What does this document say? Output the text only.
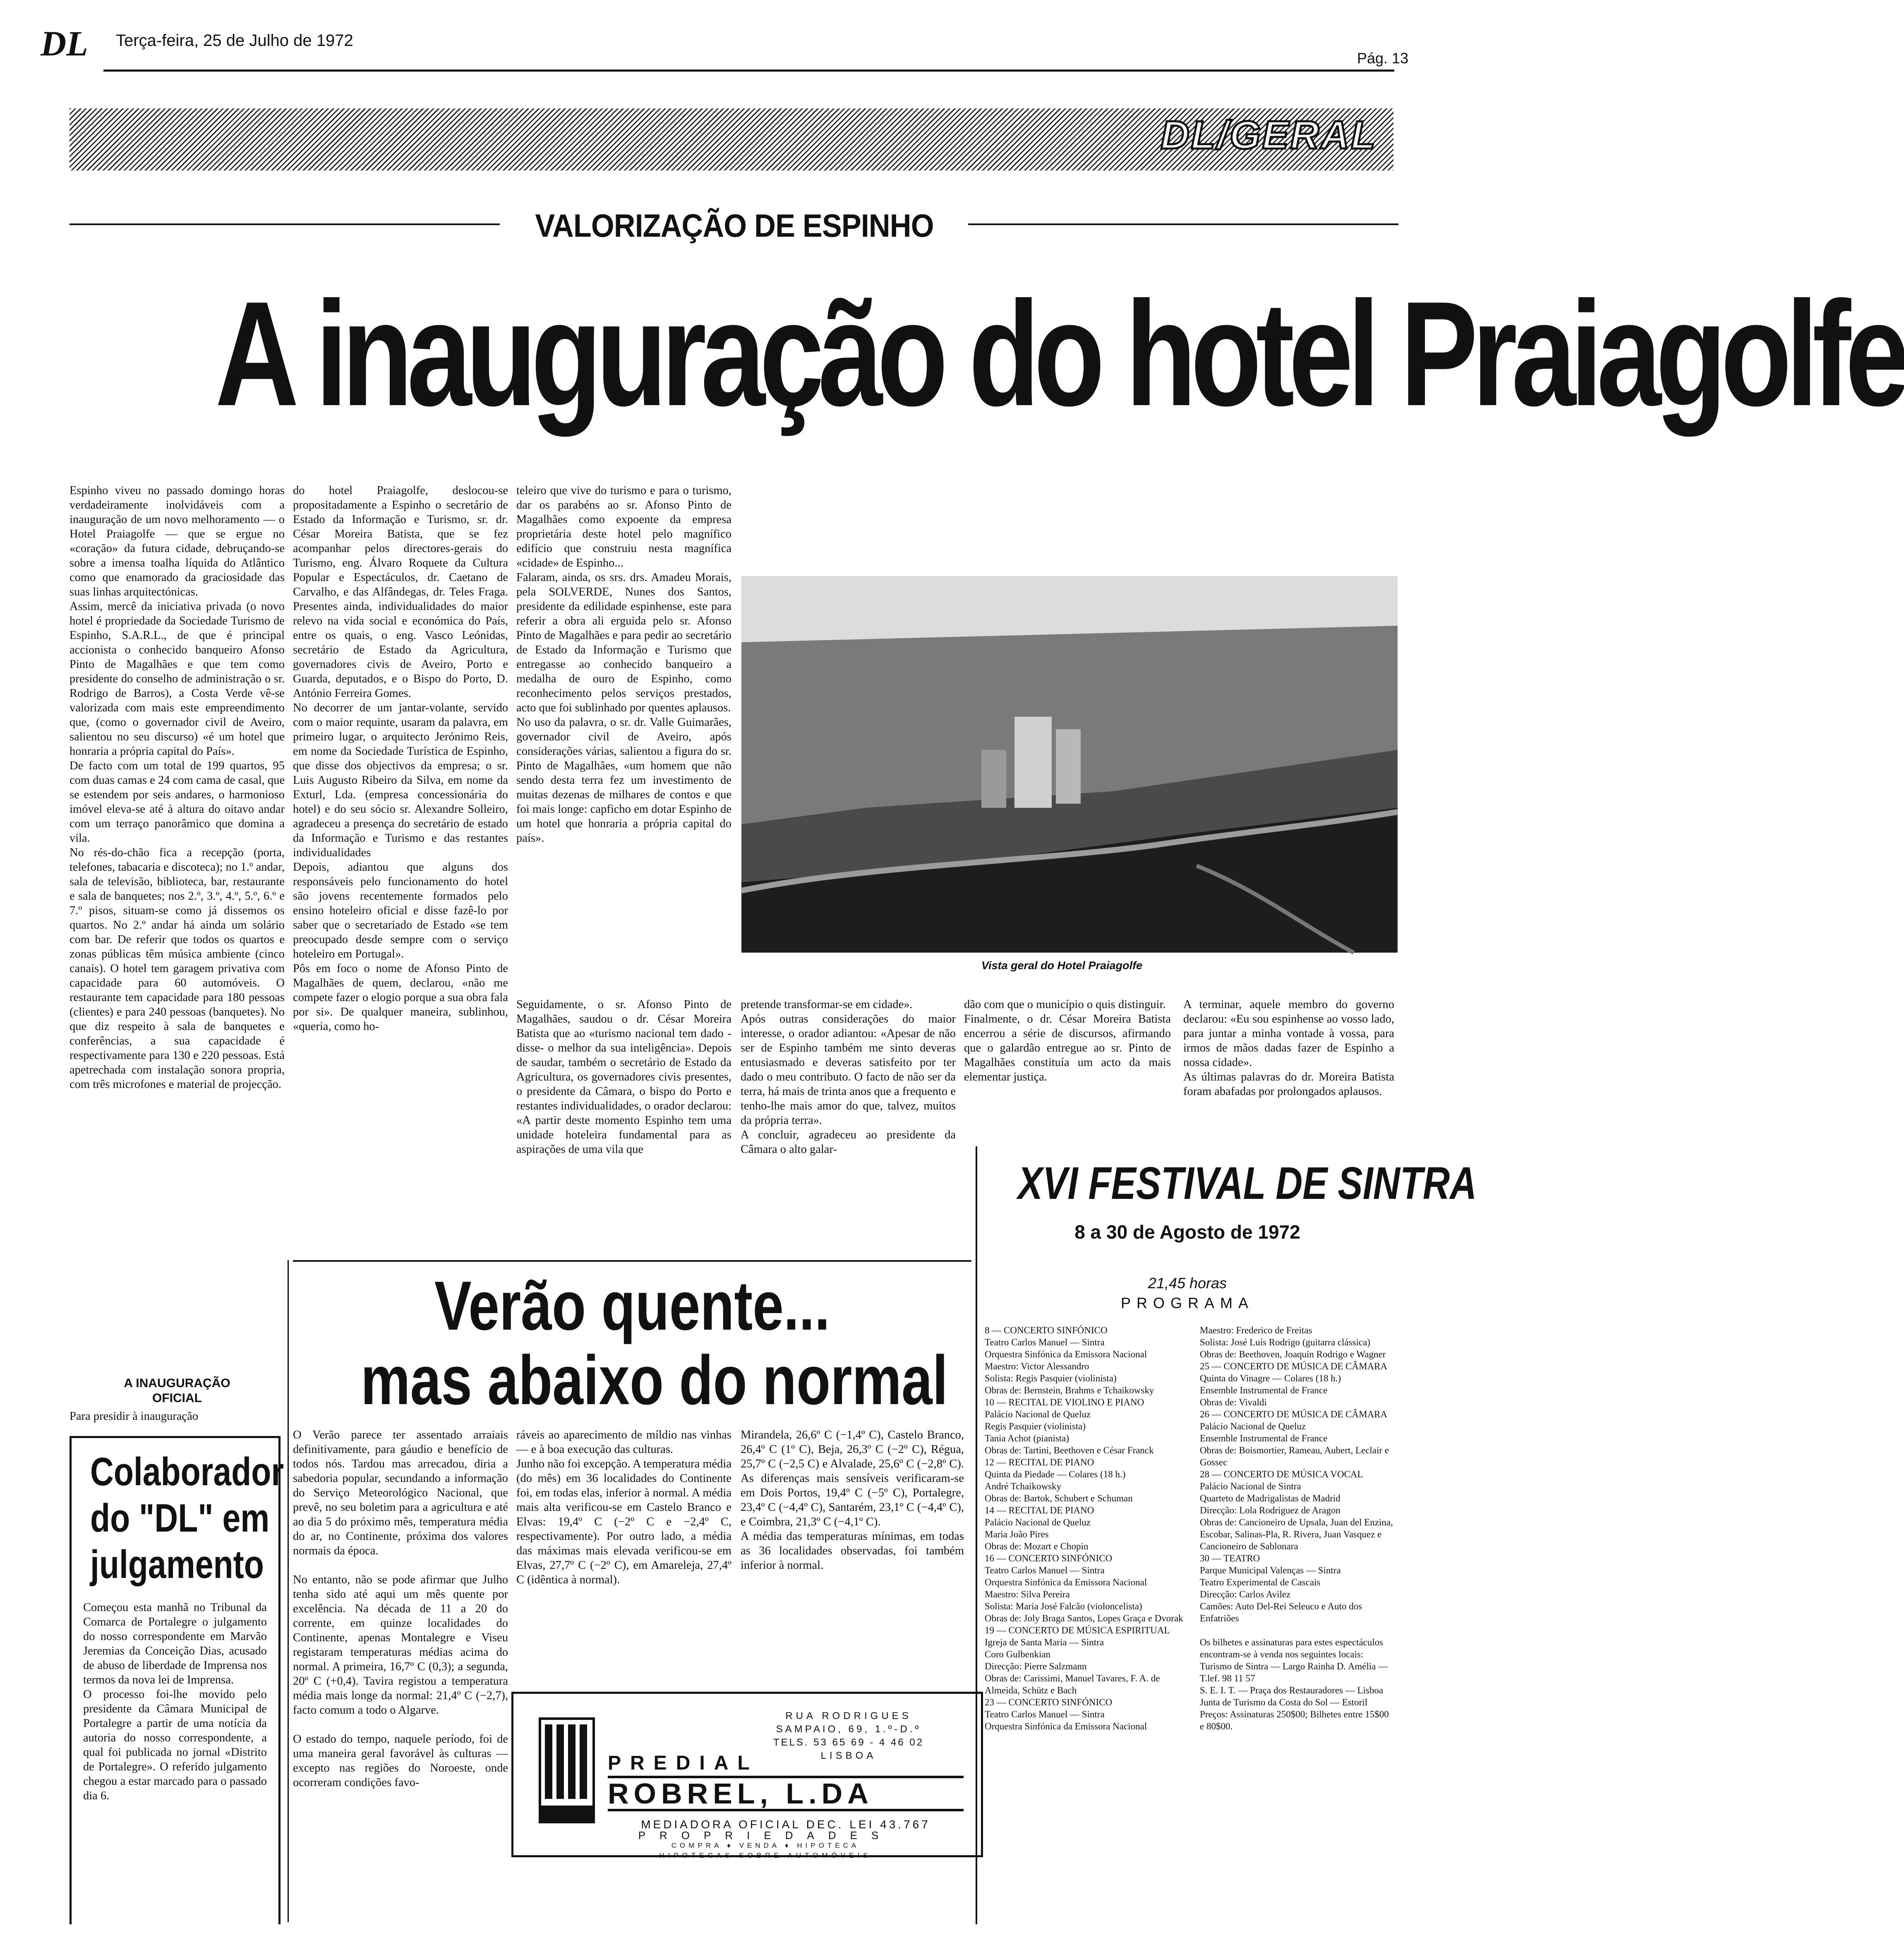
DL Terça-feira, 25 de Julho de 1972
Pág. 13
DL/GERAL
VALORIZAÇÃO DE ESPINHO
A inauguração do hotel Praiagolfe

Espinho viveu no passado domingo horas verdadeiramente inolvidáveis com a inauguração de um novo melhoramento — o Hotel Praiagolfe — que se ergue no «coração» da futura cidade, debruçando-se sobre a imensa toalha líquida do Atlântico como que enamorado da graciosidade das suas linhas arquitectónicas.
Assim, mercê da iniciativa privada (o novo hotel é propriedade da Sociedade Turismo de Espinho, S.A.R.L., de que é principal accionista o conhecido banqueiro Afonso Pinto de Magalhães e que tem como presidente do conselho de administração o sr. Rodrigo de Barros), a Costa Verde vê-se valorizada com mais este empreendimento que, (como o governador civil de Aveiro, salientou no seu discurso) «é um hotel que honraria a própria capital do País».
De facto com um total de 199 quartos, 95 com duas camas e 24 com cama de casal, que se estendem por seis andares, o harmonioso imóvel eleva-se até à altura do oitavo andar com um terraço panorâmico que domina a vila.
No rés-do-chão fica a recepção (porta, telefones, tabacaria e discoteca); no 1.º andar, sala de televisão, biblioteca, bar, restaurante e sala de banquetes; nos 2.º, 3.º, 4.º, 5.º, 6.º e 7.º pisos, situam-se como já dissemos os quartos. No 2.º andar há ainda um solário com bar. De referir que todos os quartos e zonas públicas têm música ambiente (cinco canais). O hotel tem garagem privativa com capacidade para 60 automóveis. O restaurante tem capacidade para 180 pessoas (clientes) e para 240 pessoas (banquetes). No que diz respeito à sala de banquetes e conferências, a sua capacidade é respectivamente para 130 e 220 pessoas. Está apetrechada com instalação sonora propria, com três microfones e material de projecção.

A INAUGURAÇÃO
OFICIAL

Para presidir à inauguração

do hotel Praiagolfe, deslocou-se propositadamente a Espinho o secretário de Estado da Informação e Turismo, sr. dr. César Moreira Batista, que se fez acompanhar pelos directores-gerais do Turismo, eng. Álvaro Roquete da Cultura Popular e Espectáculos, dr. Caetano de Carvalho, e das Alfândegas, dr. Teles Fraga. Presentes ainda, individualidades do maior relevo na vida social e económica do País, entre os quais, o eng. Vasco Leónidas, secretário de Estado da Agricultura, governadores civis de Aveiro, Porto e Guarda, deputados, e o Bispo do Porto, D. António Ferreira Gomes.
No decorrer de um jantar-volante, servido com o maior requinte, usaram da palavra, em primeiro lugar, o arquitecto Jerónimo Reis, em nome da Sociedade Turística de Espinho, que disse dos objectivos da empresa; o sr. Luis Augusto Ribeiro da Silva, em nome da Exturl, Lda. (empresa concessionária do hotel) e do seu sócio sr. Alexandre Solleiro, agradeceu a presença do secretário de estado da Informação e Turismo e das restantes individualidades
Depois, adiantou que alguns dos responsáveis pelo funcionamento do hotel são jovens recentemente formados pelo ensino hoteleiro oficial e disse fazê-lo por saber que o secretariado de Estado «se tem preocupado desde sempre com o serviço hoteleiro em Portugal».
Pôs em foco o nome de Afonso Pinto de Magalhães de quem, declarou, «não me compete fazer o elogio porque a sua obra fala por si». De qualquer maneira, sublinhou, «queria, como ho-

teleiro que vive do turismo e para o turismo, dar os parabéns ao sr. Afonso Pinto de Magalhães como expoente da empresa proprietária deste hotel pelo magnífico edifício que construiu nesta magnífica «cidade» de Espinho...
Falaram, ainda, os srs. drs. Amadeu Morais, pela SOLVERDE, Nunes dos Santos, presidente da edilidade espinhense, este para referir a obra ali erguida pelo sr. Afonso Pinto de Magalhães e para pedir ao secretário de Estado da Informação e Turismo que entregasse ao conhecido banqueiro a medalha de ouro de Espinho, como reconhecimento pelos serviços prestados, acto que foi sublinhado por quentes aplausos.
No uso da palavra, o sr. dr. Valle Guimarães, governador civil de Aveiro, após considerações várias, salientou a figura do sr. Pinto de Magalhães, «um homem que não sendo desta terra fez um investimento de muitas dezenas de milhares de contos e que foi mais longe: capficho em dotar Espinho de um hotel que honraria a própria capital do país».

Vista geral do Hotel Praiagolfe

Seguidamente, o sr. Afonso Pinto de Magalhães, saudou o dr. César Moreira Batista que ao «turismo nacional tem dado -disse- o melhor da sua inteligência». Depois de saudar, também o secretário de Estado da Agricultura, os governadores civis presentes, o presidente da Câmara, o bispo do Porto e restantes individualidades, o orador declarou: «A partir deste momento Espinho tem uma unidade hoteleira fundamental para as aspirações de uma vila que

pretende transformar-se em cidade».
Após outras considerações do maior interesse, o orador adiantou: «Apesar de não ser de Espinho também me sinto deveras entusiasmado e deveras satisfeito por ter dado o meu contributo. O facto de não ser da terra, há mais de trinta anos que a frequento e tenho-lhe mais amor do que, talvez, muitos da própria terra».
A concluir, agradeceu ao presidente da Câmara o alto galar-

dão com que o município o quis distinguir.
Finalmente, o dr. César Moreira Batista encerrou a série de discursos, afirmando que o galardão entregue ao sr. Pinto de Magalhães constituía um acto da mais elementar justiça.

A terminar, aquele membro do governo declarou: «Eu sou espinhense ao vosso lado, para juntar a minha vontade à vossa, para irmos de mãos dadas fazer de Espinho a nossa cidade».
As últimas palavras do dr. Moreira Batista foram abafadas por prolongados aplausos.

Colaborador
do "DL" em
julgamento

Começou esta manhã no Tribunal da Comarca de Portalegre o julgamento do nosso correspondente em Marvão Jeremias da Conceição Dias, acusado de abuso de liberdade de Imprensa nos termos da nova lei de Imprensa.
O processo foi-lhe movido pelo presidente da Câmara Municipal de Portalegre a partir de uma notícia da autoria do nosso correspondente, a qual foi publicada no jornal «Distrito de Portalegre». O referido julgamento chegou a estar marcado para o passado dia 6.

Verão quente...
mas abaixo do normal

O Verão parece ter assentado arraiais definitivamente, para gáudio e benefício de todos nós. Tardou mas arrecadou, diria a sabedoria popular, secundando a informação do Serviço Meteorológico Nacional, que prevê, no seu boletim para a agricultura e até ao dia 5 do próximo mês, temperatura média do ar, no Continente, próxima dos valores normais da época.

No entanto, não se pode afirmar que Julho tenha sido até aqui um mês quente por excelência. Na década de 11 a 20 do corrente, em quinze localidades do Continente, apenas Montalegre e Viseu registaram temperaturas médias acima do normal. A primeira, 16,7º C (0,3); a segunda, 20º C (+0,4). Tavira registou a temperatura média mais longe da normal: 21,4º C (−2,7), facto comum a todo o Algarve.

O estado do tempo, naquele período, foi de uma maneira geral favorável às culturas — excepto nas regiões do Noroeste, onde ocorreram condições favo-

ráveis ao aparecimento de míldio nas vinhas — e à boa execução das culturas.
Junho não foi excepção. A temperatura média (do mês) em 36 localidades do Continente foi, em todas elas, inferior à normal. A média mais alta verificou-se em Castelo Branco e Elvas: 19,4º C (−2º C e −2,4º C, respectivamente). Por outro lado, a média das máximas mais elevada verificou-se em Elvas, 27,7º C (−2º C), em Amareleja, 27,4º C (idêntica à normal).

Mirandela, 26,6º C (−1,4º C), Castelo Branco, 26,4º C (1º C), Beja, 26,3º C (−2º C), Régua, 25,7º C (−2,5 C) e Alvalade, 25,6º C (−2,8º C). As diferenças mais sensíveis verificaram-se em Dois Portos, 19,4º C (−5º C), Portalegre, 23,4º C (−4,4º C), Santarém, 23,1º C (−4,4º C), e Coimbra, 21,3º C (−4,1º C).
A média das temperaturas mínimas, em todas as 36 localidades observadas, foi também inferior à normal.

RUA RODRIGUES
SAMPAIO, 69, 1.º-D.º
TELS. 53 65 69 - 4 46 02
LISBOA
PREDIAL
ROBREL, L.DA
MEDIADORA OFICIAL DEC. LEI 43.767
PROPRIEDADES
COMPRA ♦ VENDA ♦ HIPOTECA
HIPOTECAS SOBRE AUTOMÓVEIS
XVI FESTIVAL DE SINTRA
8 a 30 de Agosto de 1972
21,45 horas
PROGRAMA

8 — CONCERTO SINFÓNICO
Teatro Carlos Manuel — Sintra
Orquestra Sinfónica da Emissora Nacional
Maestro: Victor Alessandro
Solista: Regis Pasquier (violinista)
Obras de: Bernstein, Brahms e Tchaikowsky
10 — RECITAL DE VIOLINO E PIANO
Palácio Nacional de Queluz
Regis Pasquier (violinista)
Tania Achot (pianista)
Obras de: Tartini, Beethoven e César Franck
12 — RECITAL DE PIANO
Quinta da Piedade — Colares (18 h.)
André Tchaikowsky
Obras de: Bartok, Schubert e Schuman
14 — RECITAL DE PIANO
Palácio Nacional de Queluz
Maria João Pires
Obras de: Mozart e Chopin
16 — CONCERTO SINFÓNICO
Teatro Carlos Manuel — Sintra
Orquestra Sinfónica da Emissora Nacional
Maestro: Silva Pereira
Solista: Maria José Falcão (violoncelista)
Obras de: Joly Braga Santos, Lopes Graça e Dvorak
19 — CONCERTO DE MÚSICA ESPIRITUAL
Igreja de Santa Maria — Sintra
Coro Gulbenkian
Direcção: Pierre Salzmann
Obras de: Carissimi, Manuel Tavares, F. A. de Almeida, Schütz e Bach
23 — CONCERTO SINFÓNICO
Teatro Carlos Manuel — Sintra
Orquestra Sinfónica da Emissora Nacional

Maestro: Frederico de Freitas
Solista: José Luís Rodrigo (guitarra clássica)
Obras de: Beethoven, Joaquin Rodrigo e Wagner
25 — CONCERTO DE MÚSICA DE CÂMARA
Quinta do Vinagre — Colares (18 h.)
Ensemble Instrumental de France
Obras de: Vivaldi
26 — CONCERTO DE MÚSICA DE CÂMARA
Palácio Nacional de Queluz
Ensemble Instrumental de France
Obras de: Boismortier, Rameau, Aubert, Leclair e Gossec
28 — CONCERTO DE MÚSICA VOCAL
Palácio Nacional de Sintra
Quarteto de Madrigalistas de Madrid
Direcção: Lola Rodriguez de Aragon
Obras de: Cancioneiro de Upsala, Juan del Enzina, Escobar, Salinas-Pla, R. Rivera, Juan Vasquez e Cancioneiro de Sablonara
30 — TEATRO
Parque Municipal Valenças — Sintra
Teatro Experimental de Cascais
Direcção: Carlos Avilez
Camões: Auto Del-Rei Seleuco e Auto dos Enfatriões

Os bilhetes e assinaturas para estes espectáculos encontram-se à venda nos seguintes locais:
Turismo de Sintra — Largo Rainha D. Amélia — T.lef. 98 11 57
S. E. I. T. — Praça dos Restauradores — Lisboa
Junta de Turismo da Costa do Sol — Estoril
Preços: Assinaturas 250$00; Bilhetes entre 15$00 e 80$00.
